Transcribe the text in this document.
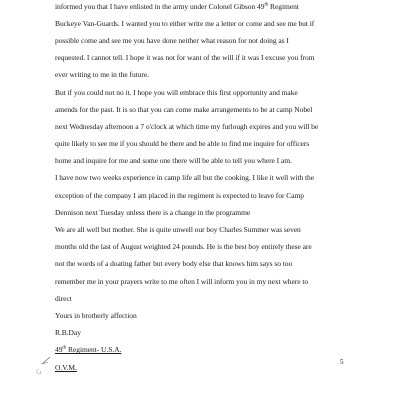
informed you that I have enlisted in the army under Colonel Gibson 49th Regiment

Buckeye Van-Guards. I wanted you to either write me a letter or come and see me but if

possible come and see me you have done neither what reason for not doing as I

requested. I cannot tell. I hope it was not for want of the will if it was I excuse you from

ever writing to me in the future.

But if you could not no it. I hope you will embrace this first opportunity and make

amends for the past. It is so that you can come make arrangements to be at camp Nobel

next Wednesday afternoon a 7 o'clock at which time my furlough expires and you will be

quite likely to see me if you should be there and be able to find me inquire for officers

home and inquire for me and some one there will be able to tell you where I am.

I have now two weeks experience in camp life all but the cooking. I like it well with the

exception of the company I am placed in the regiment is expected to leave for Camp

Dennison next Tuesday unless there is a change in the programme

We are all well but mother. She is quite unwell our boy Charles Summer was seven

months old the last of August weighted 24 pounds. He is the best boy entirely these are

not the words of a doating father but every body else that knows him says so too

remember me in your prayers write to me often I will inform you in my next where to

direct

Yours in brotherly affection

R.B.Day

49th Regiment- U.S.A.

O.V.M.

5
